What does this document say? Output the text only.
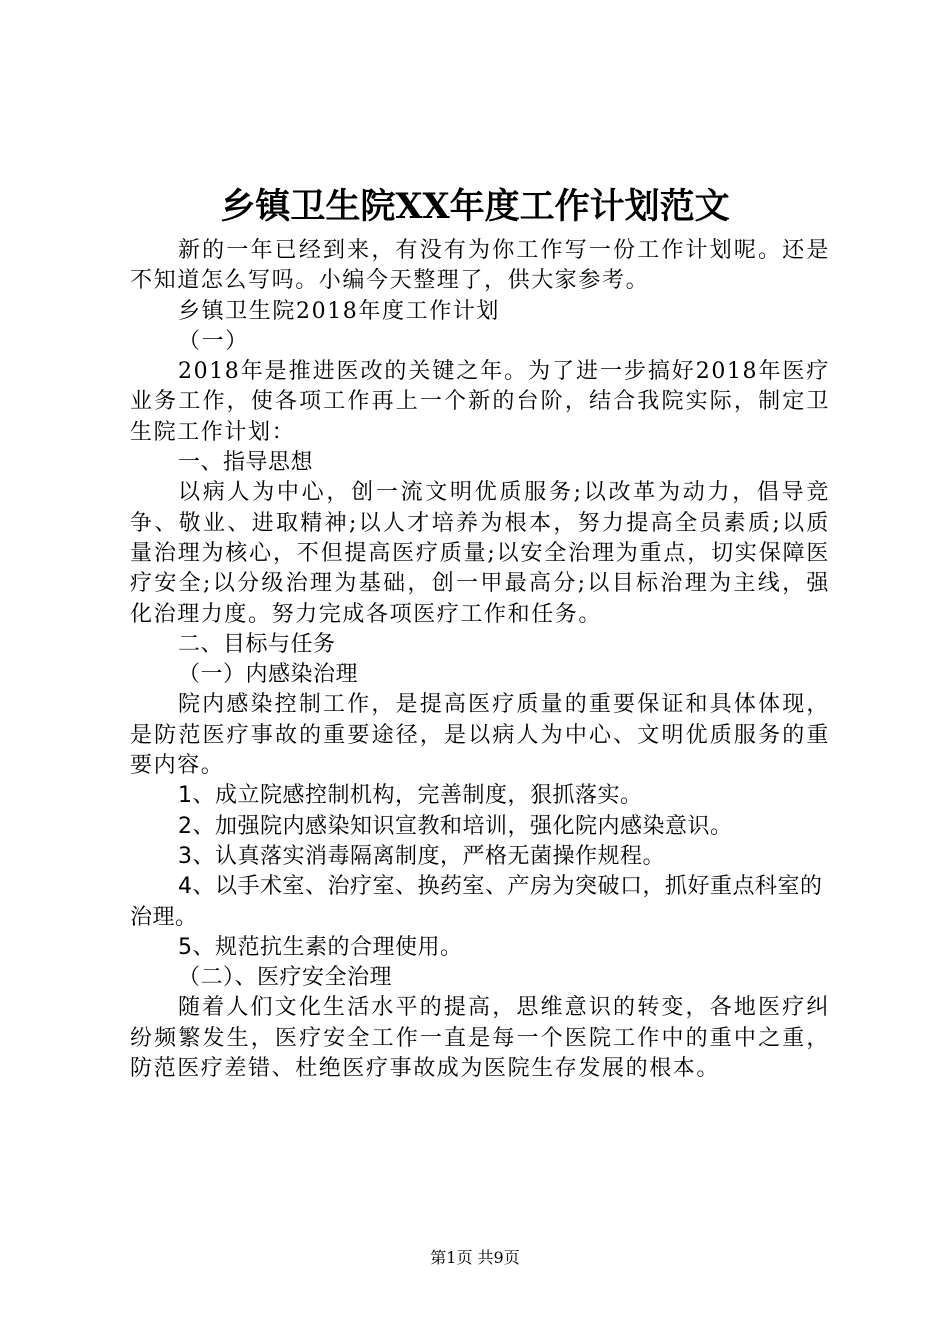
乡镇卫生院XX年度工作计划范文

新的一年已经到来，有没有为你工作写一份工作计划呢。还是不知道怎么写吗。小编今天整理了，供大家参考。

乡镇卫生院2018年度工作计划

（一）

2018年是推进医改的关键之年。为了进一步搞好2018年医疗业务工作，使各项工作再上一个新的台阶，结合我院实际，制定卫生院工作计划：

一、指导思想

以病人为中心，创一流文明优质服务;以改革为动力，倡导竞争、敬业、进取精神;以人才培养为根本，努力提高全员素质;以质量治理为核心，不但提高医疗质量;以安全治理为重点，切实保障医疗安全;以分级治理为基础，创一甲最高分;以目标治理为主线，强化治理力度。努力完成各项医疗工作和任务。

二、目标与任务

（一）内感染治理

院内感染控制工作，是提高医疗质量的重要保证和具体体现，是防范医疗事故的重要途径，是以病人为中心、文明优质服务的重要内容。

1、成立院感控制机构，完善制度，狠抓落实。

2、加强院内感染知识宣教和培训，强化院内感染意识。

3、认真落实消毒隔离制度，严格无菌操作规程。

4、以手术室、治疗室、换药室、产房为突破口，抓好重点科室的治理。

5、规范抗生素的合理使用。

（二）、医疗安全治理

随着人们文化生活水平的提高，思维意识的转变，各地医疗纠纷频繁发生，医疗安全工作一直是每一个医院工作中的重中之重，防范医疗差错、杜绝医疗事故成为医院生存发展的根本。

第1页 共9页
